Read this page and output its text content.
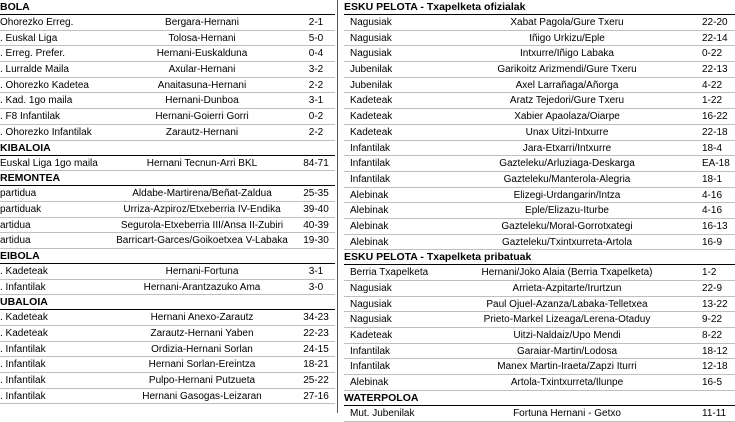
BOLA
Ohorezko Erreg.	Bergara-Hernani	2-1
. Euskal Liga	Tolosa-Hernani	5-0
. Erreg. Prefer.	Hernani-Euskalduna	0-4
. Lurralde Maila	Axular-Hernani	3-2
. Ohorezko Kadetea	Anaitasuna-Hernani	2-2
. Kad. 1go maila	Hernani-Dunboa	3-1
. F8 Infantilak	Hernani-Goierri Gorri	0-2
. Ohorezko Infantilak	Zarautz-Hernani	2-2
KIBALOIA
Euskal Liga 1go maila	Hernani Tecnun-Arri BKL	84-71
REMONTEA
partidua	Aldabe-Martirena/Beñat-Zaldua	25-35
partiduak	Urriza-Azpiroz/Etxeberria IV-Endika	39-40
artidua	Segurola-Etxeberria III/Ansa II-Zubiri	40-39
artidua	Barricart-Garces/Goikoetxea V-Labaka	19-30
EIBOLA
. Kadeteak	Hernani-Fortuna	3-1
. Infantilak	Hernani-Arantzazuko Ama	3-0
UBALOIA
. Kadeteak	Hernani Anexo-Zarautz	34-23
. Kadeteak	Zarautz-Hernani Yaben	22-23
. Infantilak	Ordizia-Hernani Sorlan	24-15
. Infantilak	Hernani Sorlan-Ereintza	18-21
. Infantilak	Pulpo-Hernani Putzueta	25-22
. Infantilak	Hernani Gasogas-Leizaran	27-16
ESKU PELOTA - Txapelketa ofizialak
Nagusiak	Xabat Pagola/Gure Txeru	22-20
Nagusiak	Iñigo Urkizu/Eple	22-14
Nagusiak	Intxurre/Iñigo Labaka	0-22
Jubenilak	Garikoitz Arizmendi/Gure Txeru	22-13
Jubenilak	Axel Larrañaga/Añorga	4-22
Kadeteak	Aratz Tejedori/Gure Txeru	1-22
Kadeteak	Xabier Apaolaza/Oiarpe	16-22
Kadeteak	Unax Uitzi-Intxurre	22-18
Infantilak	Jara-Etxarri/Intxurre	18-4
Infantilak	Gazteleku/Arluziaga-Deskarga	EA-18
Infantilak	Gazteleku/Manterola-Alegria	18-1
Alebinak	Elizegi-Urdangarin/Intza	4-16
Alebinak	Eple/Elizazu-Iturbe	4-16
Alebinak	Gazteleku/Moral-Gorrotxategi	16-13
Alebinak	Gazteleku/Txintxurreta-Artola	16-9
ESKU PELOTA - Txapelketa pribatuak
Berria Txapelketa	Hernani/Joko Alaia (Berria Txapelketa)	1-2
Nagusiak	Arrieta-Azpitarte/Irurtzun	22-9
Nagusiak	Paul Ojuel-Azanza/Labaka-Telletxea	13-22
Nagusiak	Prieto-Markel Lizeaga/Lerena-Otaduy	9-22
Kadeteak	Uitzi-Naldaiz/Upo Mendi	8-22
Infantilak	Garaiar-Martin/Lodosa	18-12
Infantilak	Manex Martin-Iraeta/Zapzi Iturri	12-18
Alebinak	Artola-Txintxurreta/Ilunpe	16-5
WATERPOLOA
Mut. Jubenilak	Fortuna Hernani - Getxo	11-11
